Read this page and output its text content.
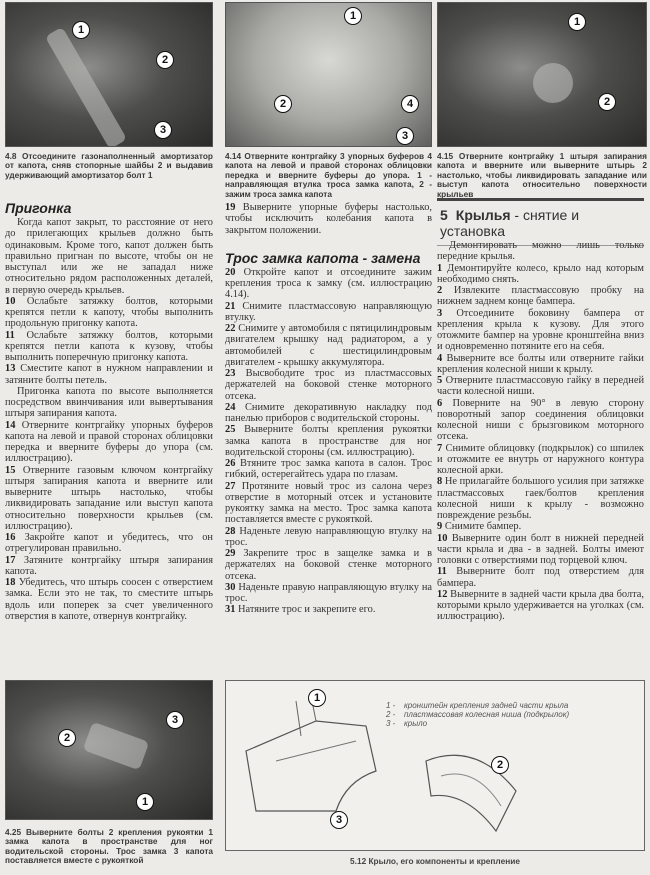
1
2
3
4.8 Отсоедините газонаполненный амортизатор от капота, сняв стопорные шайбы 2 и выдавив удерживающий амортизатор болт 1
1
2
3
4
4.14 Отверните контргайку 3 упорных буферов 4 капота на левой и правой сторонах облицовки передка и вверните буферы до упора. 1 - направляющая втулка троса замка капота, 2 - зажим троса замка капота
1
2
4.15 Отверните контргайку 1 штыря запирания капота и вверните или выверните штырь 2 настолько, чтобы ликвидировать западание или выступ капота относительно поверхности крыльев
Пригонка

Когда капот закрыт, то расстояние от него до прилегающих крыльев должно быть одинаковым. Кроме того, капот должен быть правильно пригнан по высоте, чтобы он не выступал или же не западал ниже относительно рядом расположенных деталей, в первую очередь крыльев.

10 Ослабьте затяжку болтов, которыми крепятся петли к капоту, чтобы выполнить продольную пригонку капота.

11 Ослабьте затяжку болтов, которыми крепятся петли капота к кузову, чтобы выполнить поперечную пригонку капота.

13 Сместите капот в нужном направлении и затяните болты петель.

Пригонка капота по высоте выполняется посредством ввинчивания или вывертывания штыря запирания капота.

14 Отверните контргайку упорных буферов капота на левой и правой сторонах облицовки передка и вверните буферы до упора (см. иллюстрацию).

15 Отверните газовым ключом контргайку штыря запирания капота и вверните или выверните штырь настолько, чтобы ликвидировать западание или выступ капота относительно поверхности крыльев (см. иллюстрацию).

16 Закройте капот и убедитесь, что он отрегулирован правильно.

17 Затяните контргайку штыря запирания капота.

18 Убедитесь, что штырь соосен с отверстием замка. Если это не так, то сместите штырь вдоль или поперек за счет увеличенного отверстия в капоте, отвернув контргайку.

19 Выверните упорные буферы настолько, чтобы исключить колебания капота в закрытом положении.

Трос замка капота - замена

20 Откройте капот и отсоедините зажим крепления троса к замку (см. иллюстрацию 4.14).

21 Снимите пластмассовую направляющую втулку.

22 Снимите у автомобиля с пятицилиндровым двигателем крышку над радиатором, а у автомобилей с шестицилиндровым двигателем - крышку аккумулятора.

23 Высвободите трос из пластмассовых держателей на боковой стенке моторного отсека.

24 Снимите декоративную накладку под панелью приборов с водительской стороны.

25 Выверните болты крепления рукоятки замка капота в пространстве для ног водительской стороны (см. иллюстрацию).

26 Втяните трос замка капота в салон. Трос гибкий, остерегайтесь удара по глазам.

27 Протяните новый трос из салона через отверстие в моторный отсек и установите рукоятку замка на место. Трос замка капота поставляется вместе с рукояткой.

28 Наденьте левую направляющую втулку на трос.

29 Закрепите трос в защелке замка и в держателях на боковой стенке моторного отсека.

30 Наденьте правую направляющую втулку на трос.

31 Натяните трос и закрепите его.

5 Крылья - снятие и установка

Демонтировать можно лишь только передние крылья.

1 Демонтируйте колесо, крыло над которым необходимо снять.

2 Извлеките пластмассовую пробку на нижнем заднем конце бампера.

3 Отсоедините боковину бампера от крепления крыла к кузову. Для этого отожмите бампер на уровне кронштейна вниз и одновременно потяните его на себя.

4 Выверните все болты или отверните гайки крепления колесной ниши к крылу.

5 Отверните пластмассовую гайку в передней части колесной ниши.

6 Поверните на 90° в левую сторону поворотный запор соединения облицовки колесной ниши с брызговиком моторного отсека.

7 Снимите облицовку (подкрылок) со шпилек и отожмите ее внутрь от наружного контура колесной арки.

8 Не прилагайте большого усилия при затяжке пластмассовых гаек/болтов крепления колесной ниши к крылу - возможно повреждение резьбы.

9 Снимите бампер.

10 Выверните один болт в нижней передней части крыла и два - в задней. Болты имеют головки с отверстиями под торцевой ключ.

11 Выверните болт под отверстием для бампера.

12 Выверните в задней части крыла два болта, которыми крыло удерживается на уголках (см. иллюстрацию).

1
2
3
4.25 Выверните болты 2 крепления рукоятки 1 замка капота в пространстве для ног водительской стороны. Трос замка 3 капота поставляется вместе с рукояткой
1
2
3
1 - кронштейн крепления задней части крыла
2 - пластмассовая колесная ниша (подкрылок)
3 - крыло
5.12 Крыло, его компоненты и крепление
